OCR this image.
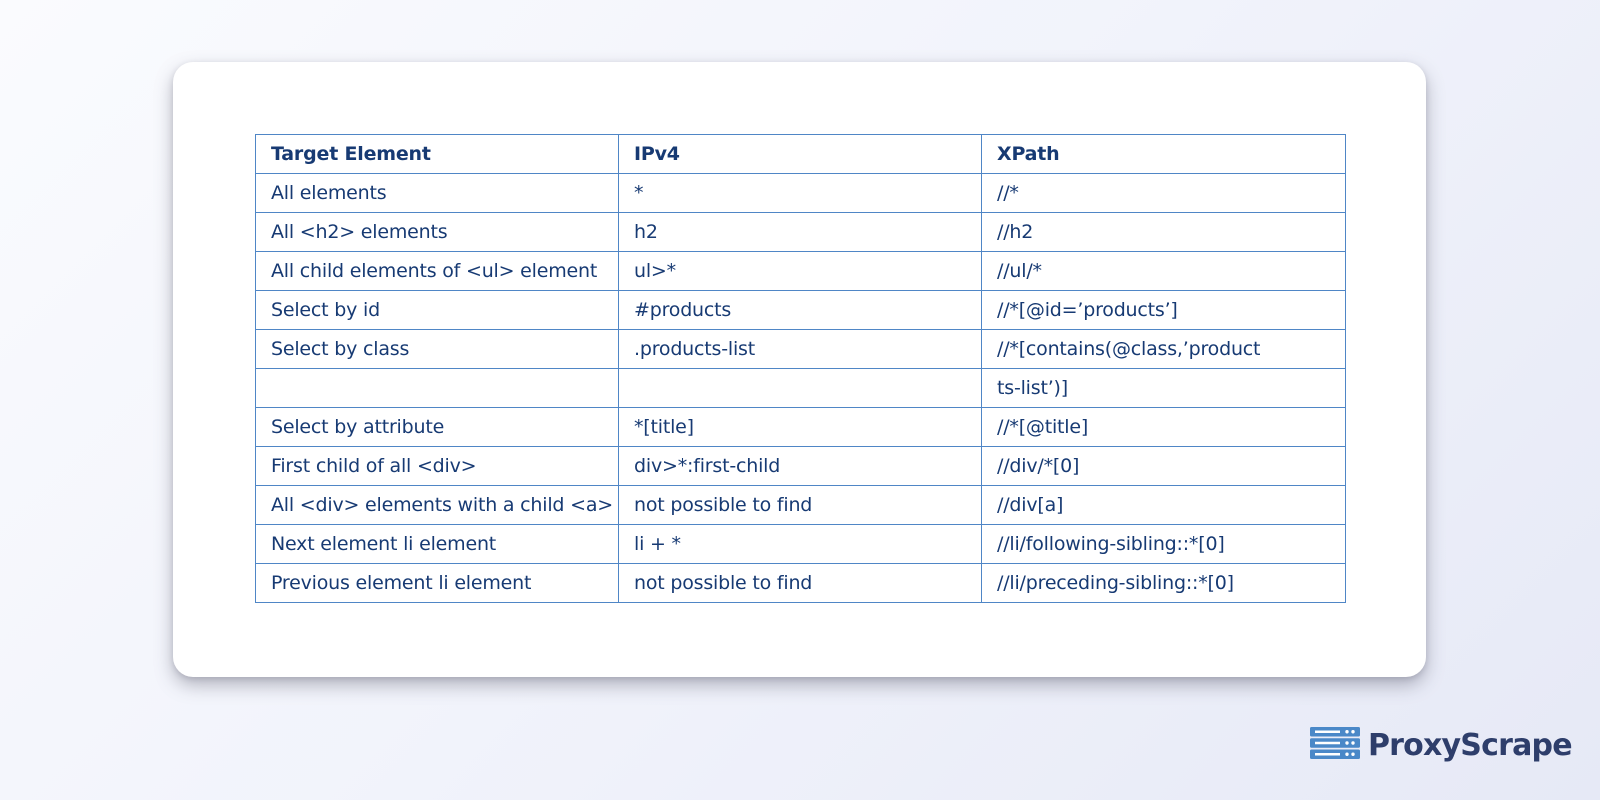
Target Element	IPv4	XPath
All elements	*	//*
All <h2> elements	h2	//h2
All child elements of <ul> element	ul>*	//ul/*
Select by id	#products	//*[@id=’products’]
Select by class	.products-list	//*[contains(@class,’product
		ts-list’)]
Select by attribute	*[title]	//*[@title]
First child of all <div>	div>*:first-child	//div/*[0]
All <div> elements with a child <a>	not possible to find	//div[a]
Next element li element	li + *	//li/following-sibling::*[0]
Previous element li element	not possible to find	//li/preceding-sibling::*[0]
ProxyScrape
